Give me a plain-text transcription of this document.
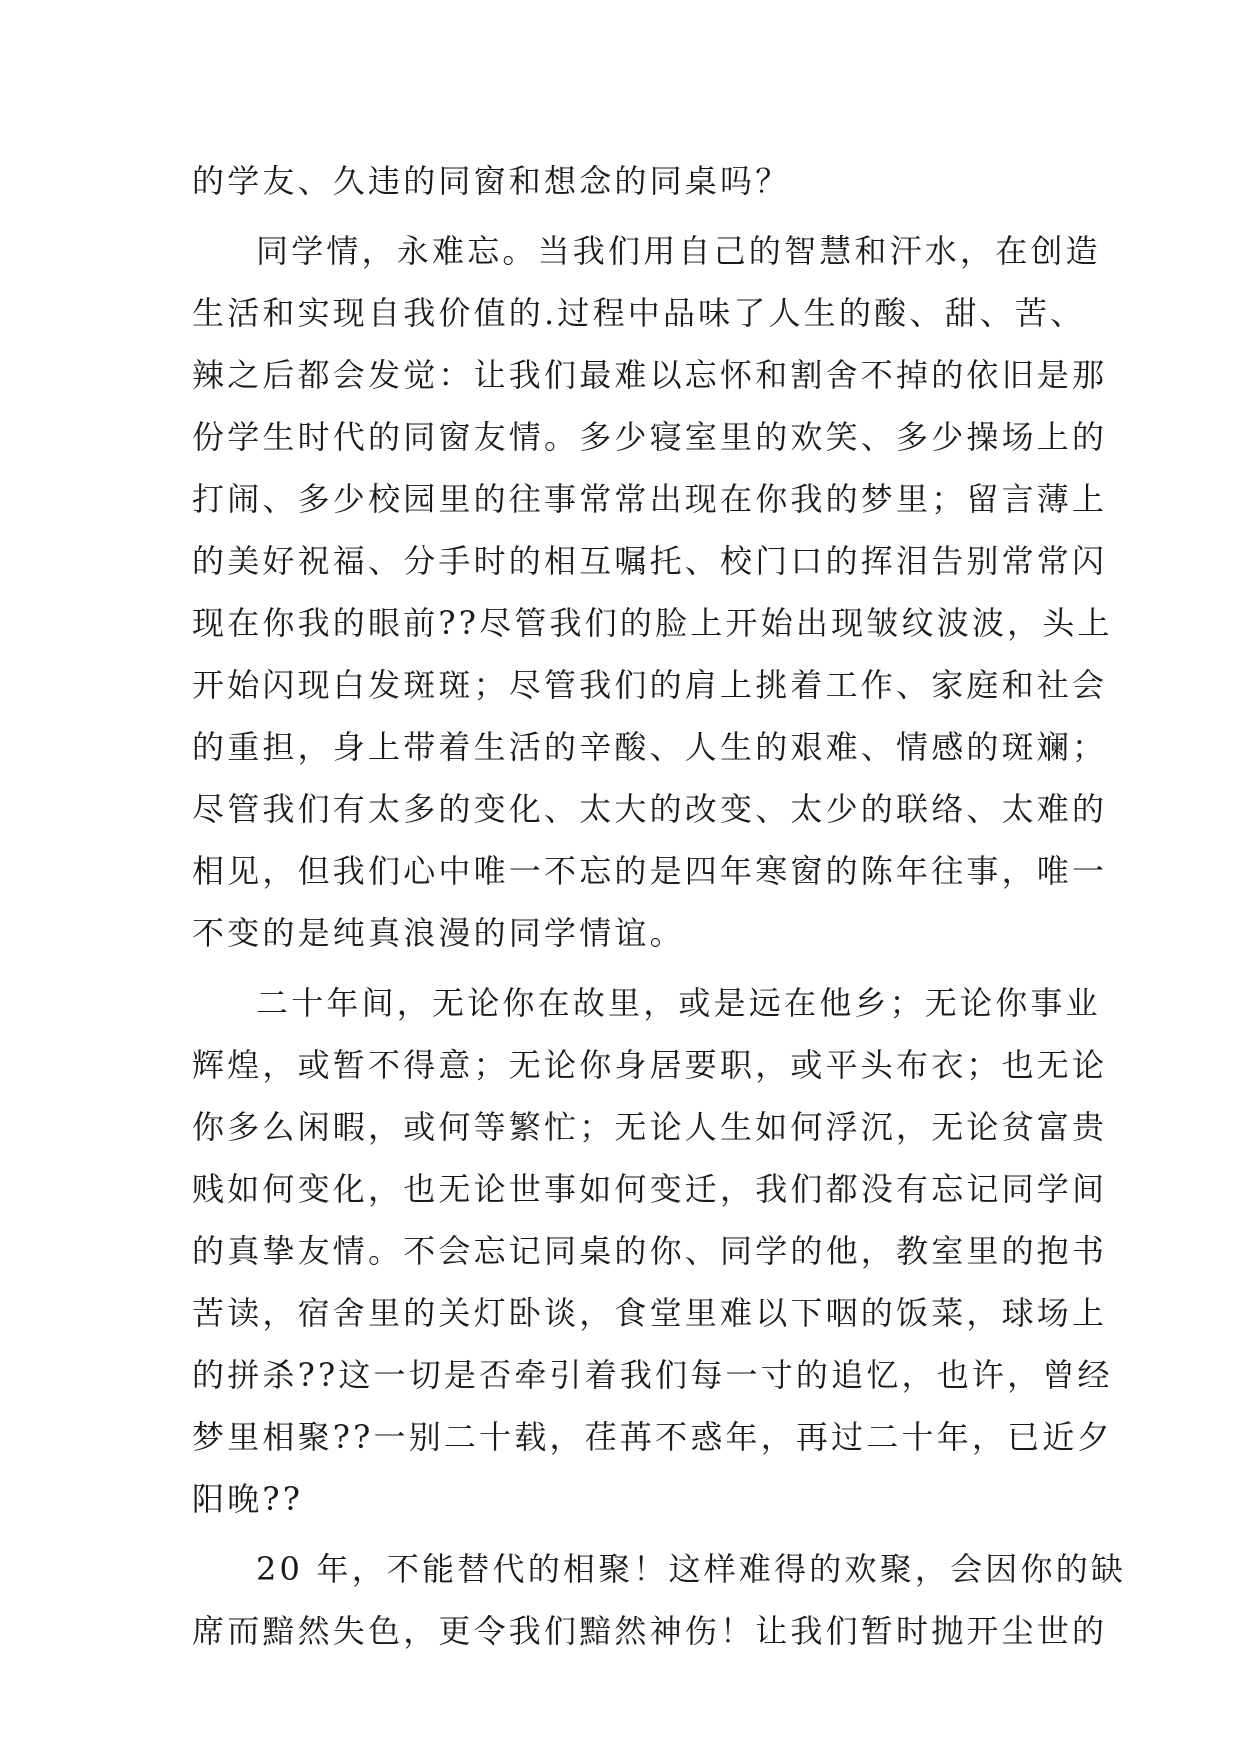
的学友、久违的同窗和想念的同桌吗？
同学情，永难忘。当我们用自己的智慧和汗水，在创造
生活和实现自我价值的.过程中品味了人生的酸、甜、苦、
辣之后都会发觉：让我们最难以忘怀和割舍不掉的依旧是那
份学生时代的同窗友情。多少寝室里的欢笑、多少操场上的
打闹、多少校园里的往事常常出现在你我的梦里；留言薄上
的美好祝福、分手时的相互嘱托、校门口的挥泪告别常常闪
现在你我的眼前??尽管我们的脸上开始出现皱纹波波，头上
开始闪现白发斑斑；尽管我们的肩上挑着工作、家庭和社会
的重担，身上带着生活的辛酸、人生的艰难、情感的斑斓；
尽管我们有太多的变化、太大的改变、太少的联络、太难的
相见，但我们心中唯一不忘的是四年寒窗的陈年往事，唯一
不变的是纯真浪漫的同学情谊。
二十年间，无论你在故里，或是远在他乡；无论你事业
辉煌，或暂不得意；无论你身居要职，或平头布衣；也无论
你多么闲暇，或何等繁忙；无论人生如何浮沉，无论贫富贵
贱如何变化，也无论世事如何变迁，我们都没有忘记同学间
的真挚友情。不会忘记同桌的你、同学的他，教室里的抱书
苦读，宿舍里的关灯卧谈，食堂里难以下咽的饭菜，球场上
的拼杀??这一切是否牵引着我们每一寸的追忆，也许，曾经
梦里相聚??一别二十载，荏苒不惑年，再过二十年，已近夕
阳晚??
20 年，不能替代的相聚！这样难得的欢聚，会因你的缺
席而黯然失色，更令我们黯然神伤！让我们暂时抛开尘世的
